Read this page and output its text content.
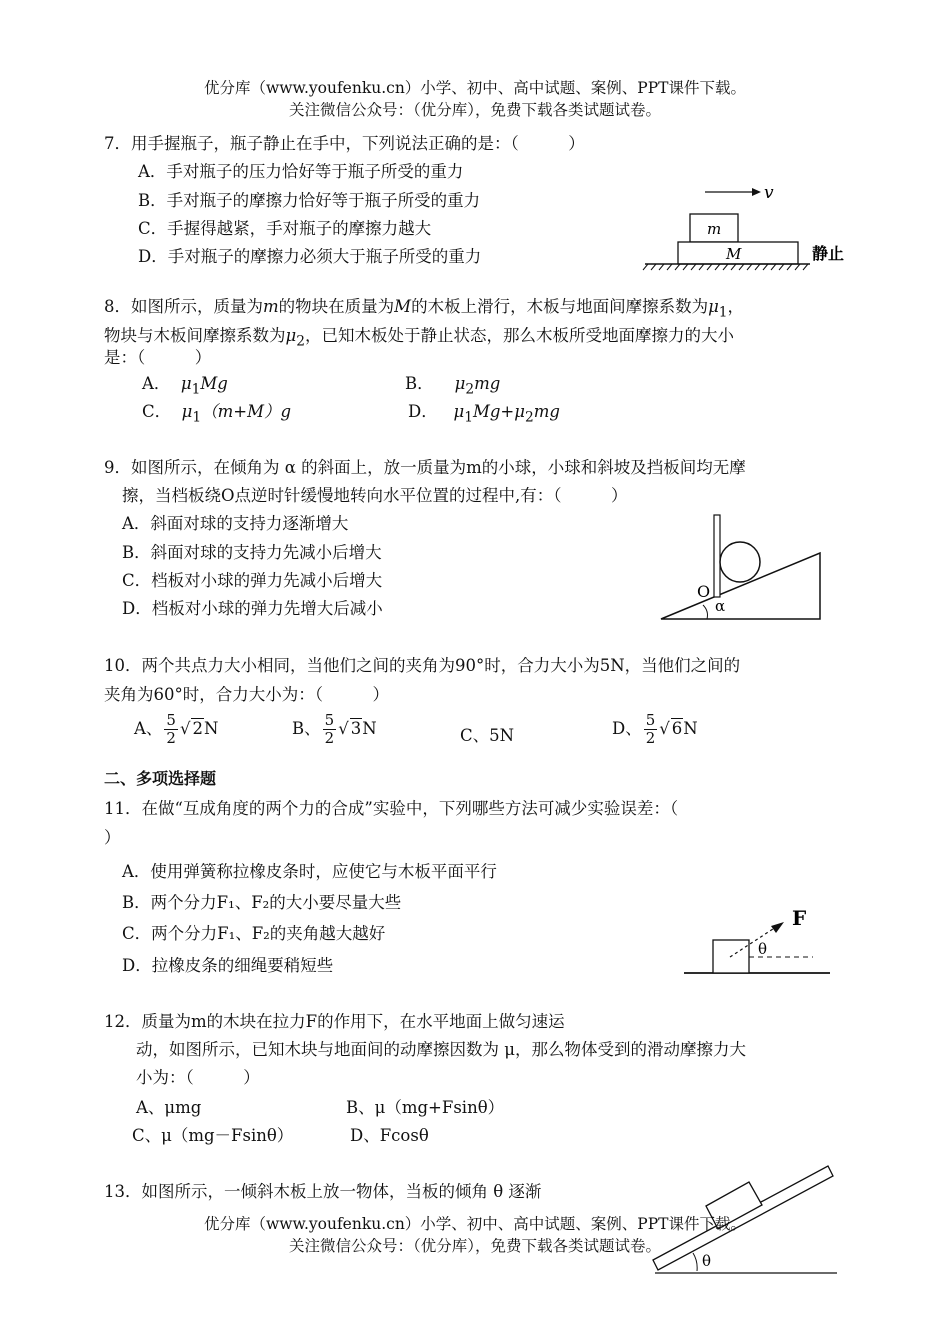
优分库（www.youfenku.cn）小学、初中、高中试题、案例、PPT课件下载。
关注微信公众号：（优分库），免费下载各类试题试卷。
7．用手握瓶子，瓶子静止在手中，下列说法正确的是：（　　　）
A．手对瓶子的压力恰好等于瓶子所受的重力
B．手对瓶子的摩擦力恰好等于瓶子所受的重力
C．手握得越紧，手对瓶子的摩擦力越大
D．手对瓶子的摩擦力必须大于瓶子所受的重力
v
m
M	静止
8．如图所示，质量为m的物块在质量为M的木板上滑行，木板与地面间摩擦系数为$\mu_1$，
物块与木板间摩擦系数为$\mu_2$，已知木板处于静止状态，那么木板所受地面摩擦力的大小
是：（　　　）
A． $\mu_1Mg$	B． $\mu_2mg$
C． $\mu_1(m+M)g$	D． $\mu_1Mg+\mu_2mg$
9．如图所示，在倾角为 α 的斜面上，放一质量为m的小球，小球和斜坡及挡板间均无摩
擦，当档板绕O点逆时针缓慢地转向水平位置的过程中,有：（　　　）
A．斜面对球的支持力逐渐增大
B．斜面对球的支持力先减小后增大
C．档板对小球的弹力先减小后增大
D．档板对小球的弹力先增大后减小
O
α
10．两个共点力大小相同，当他们之间的夹角为90°时，合力大小为5N，当他们之间的
夹角为60°时，合力大小为：（　　　）
A、 $\frac{5}{2}$ √ 2N	B、 $\frac{5}{2}$ √ 3N	C、5N	D、 $\frac{5}{2}$ √ 6N
二、多项选择题
11．在做“互成角度的两个力的合成”实验中，下列哪些方法可减少实验误差：（
）
A．使用弹簧称拉橡皮条时，应使它与木板平面平行
B．两个分力F₁、F₂的大小要尽量大些
C．两个分力F₁、F₂的夹角越大越好
D．拉橡皮条的细绳要稍短些
F
θ
12．质量为m的木块在拉力F的作用下，在水平地面上做匀速运
动，如图所示，已知木块与地面间的动摩擦因数为 μ，那么物体受到的滑动摩擦力大
小为：（　　　）
A、μmg	B、μ（mg+Fsinθ）
C、μ（mg－Fsinθ）	D、Fcosθ
13．如图所示，一倾斜木板上放一物体，当板的倾角 θ 逐渐
θ
优分库（www.youfenku.cn）小学、初中、高中试题、案例、PPT课件下载。
关注微信公众号：（优分库），免费下载各类试题试卷。
